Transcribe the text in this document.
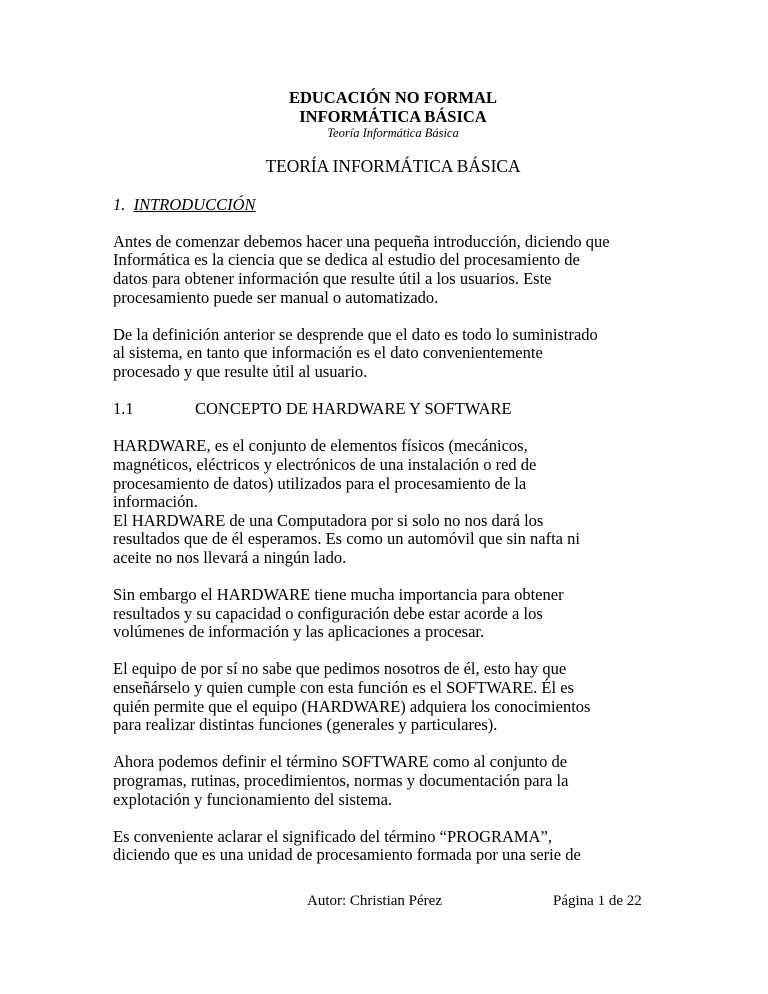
EDUCACIÓN NO FORMAL
INFORMÁTICA BÁSICA
Teoría Informática Básica
TEORÍA INFORMÁTICA BÁSICA
1. INTRODUCCIÓN

Antes de comenzar debemos hacer una pequeña introducción, diciendo que
Informática es la ciencia que se dedica al estudio del procesamiento de
datos para obtener información que resulte útil a los usuarios. Este
procesamiento puede ser manual o automatizado.

De la definición anterior se desprende que el dato es todo lo suministrado
al sistema, en tanto que información es el dato convenientemente
procesado y que resulte útil al usuario.

1.1	CONCEPTO DE HARDWARE Y SOFTWARE

HARDWARE, es el conjunto de elementos físicos (mecánicos,
magnéticos, eléctricos y electrónicos de una instalación o red de
procesamiento de datos) utilizados para el procesamiento de la
información.
El HARDWARE de una Computadora por si solo no nos dará los
resultados que de él esperamos. Es como un automóvil que sin nafta ni
aceite no nos llevará a ningún lado.

Sin embargo el HARDWARE tiene mucha importancia para obtener
resultados y su capacidad o configuración debe estar acorde a los
volúmenes de información y las aplicaciones a procesar.

El equipo de por sí no sabe que pedimos nosotros de él, esto hay que
enseñárselo y quien cumple con esta función es el SOFTWARE. Él es
quién permite que el equipo (HARDWARE) adquiera los conocimientos
para realizar distintas funciones (generales y particulares).

Ahora podemos definir el término SOFTWARE como al conjunto de
programas, rutinas, procedimientos, normas y documentación para la
explotación y funcionamiento del sistema.

Es conveniente aclarar el significado del término “PROGRAMA”,
diciendo que es una unidad de procesamiento formada por una serie de

Autor: Christian Pérez	Página 1 de 22
